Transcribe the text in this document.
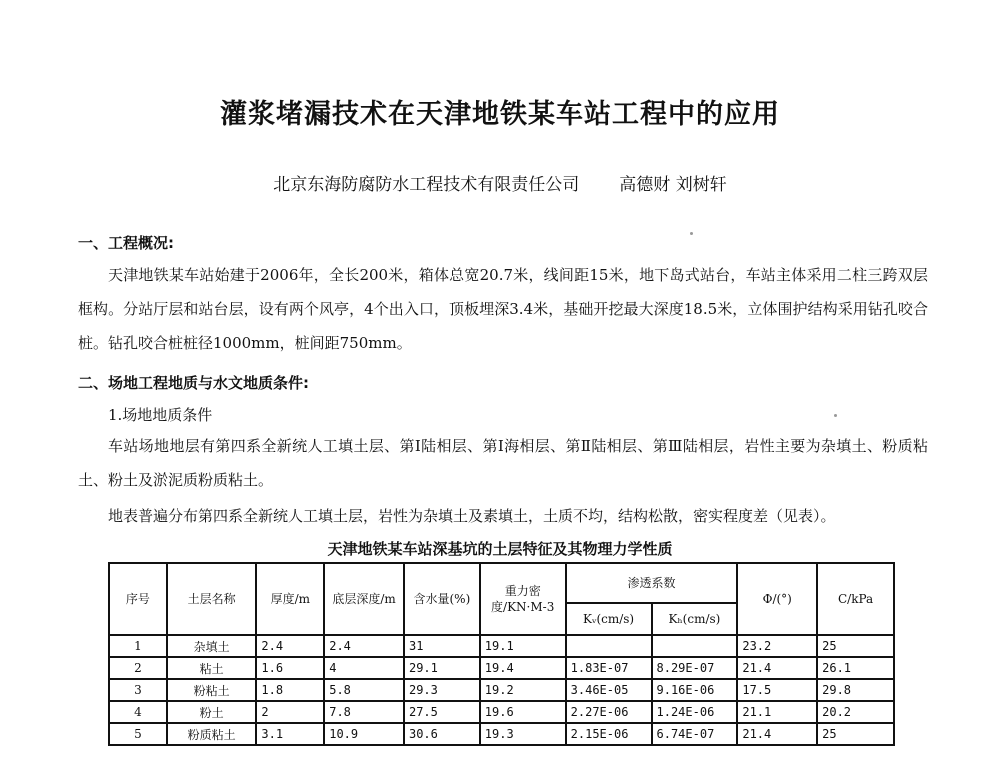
灌浆堵漏技术在天津地铁某车站工程中的应用
北京东海防腐防水工程技术有限责任公司 高德财 刘树轩
一、工程概况:
天津地铁某车站始建于2006年，全长200米，箱体总宽20.7米，线间距15米，地下岛式站台，车站主体采用二柱三跨双层框构。分站厅层和站台层，设有两个风亭，4个出入口，顶板埋深3.4米，基础开挖最大深度18.5米，立体围护结构采用钻孔咬合桩。钻孔咬合桩桩径1000mm，桩间距750mm。
二、场地工程地质与水文地质条件:
1.场地地质条件
车站场地地层有第四系全新统人工填土层、第Ⅰ陆相层、第Ⅰ海相层、第Ⅱ陆相层、第Ⅲ陆相层，岩性主要为杂填土、粉质粘土、粉土及淤泥质粉质粘土。
地表普遍分布第四系全新统人工填土层，岩性为杂填土及素填土，土质不均，结构松散，密实程度差（见表）。
天津地铁某车站深基坑的土层特征及其物理力学性质
序号	土层名称	厚度/m	底层深度/m	含水量(%)	重力密度/KN·M-3	渗透系数		Φ/(°)	C/kPa
						Kᵥ(cm/s)	Kₕ(cm/s)		
1	杂填土	2.4	2.4	31	19.1			23.2	25
2	粘土	1.6	4	29.1	19.4	1.83E-07	8.29E-07	21.4	26.1
3	粉粘土	1.8	5.8	29.3	19.2	3.46E-05	9.16E-06	17.5	29.8
4	粉土	2	7.8	27.5	19.6	2.27E-06	1.24E-06	21.1	20.2
5	粉质粘土	3.1	10.9	30.6	19.3	2.15E-06	6.74E-07	21.4	25
